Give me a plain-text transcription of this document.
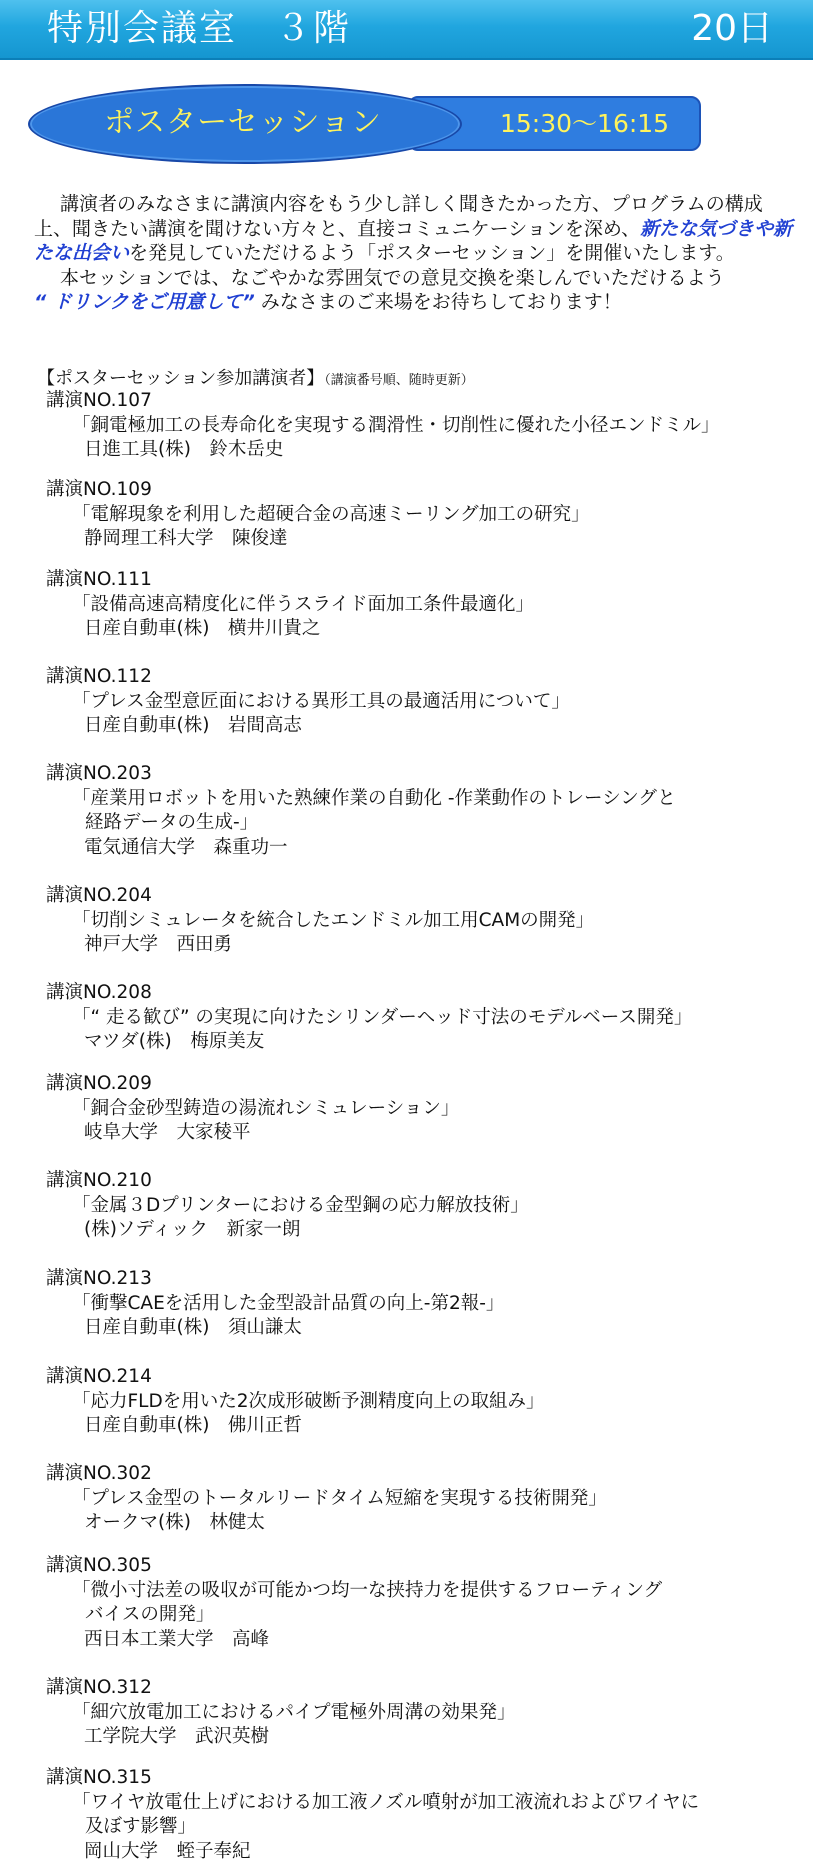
特別会議室　３階	20日
15:30～16:15
ポスターセッション

講演者のみなさまに講演内容をもう少し詳しく聞きたかった方、プログラムの構成上、聞きたい講演を聞けない方々と、直接コミュニケーションを深め、新たな気づきや新たな出会いを発見していただけるよう「ポスターセッション」を開催いたします。

本セッションでは、なごやかな雰囲気での意見交換を楽しんでいただけるよう
“ ドリンクをご用意して” みなさまのご来場をお待ちしております！

【ポスターセッション参加講演者】（講演番号順、随時更新）
講演NO.107
「銅電極加工の長寿命化を実現する潤滑性・切削性に優れた小径エンドミル」
日進工具(株)　鈴木岳史
講演NO.109
「電解現象を利用した超硬合金の高速ミーリング加工の研究」
静岡理工科大学　陳俊達
講演NO.111
「設備高速高精度化に伴うスライド面加工条件最適化」
日産自動車(株)　横井川貴之
講演NO.112
「プレス金型意匠面における異形工具の最適活用について」
日産自動車(株)　岩間高志
講演NO.203
「産業用ロボットを用いた熟練作業の自動化 -作業動作のトレーシングと
経路データの生成-」
電気通信大学　森重功一
講演NO.204
「切削シミュレータを統合したエンドミル加工用CAMの開発」
神戸大学　西田勇
講演NO.208
「“ 走る歓び” の実現に向けたシリンダーヘッド寸法のモデルベース開発」
マツダ(株)　梅原美友
講演NO.209
「銅合金砂型鋳造の湯流れシミュレーション」
岐阜大学　大家稜平
講演NO.210
「金属３Dプリンターにおける金型鋼の応力解放技術」
(株)ソディック　新家一朗
講演NO.213
「衝撃CAEを活用した金型設計品質の向上-第2報-」
日産自動車(株)　須山謙太
講演NO.214
「応力FLDを用いた2次成形破断予測精度向上の取組み」
日産自動車(株)　佛川正哲
講演NO.302
「プレス金型のトータルリードタイム短縮を実現する技術開発」
オークマ(株)　林健太
講演NO.305
「微小寸法差の吸収が可能かつ均一な挟持力を提供するフローティング
バイスの開発」
西日本工業大学　高峰
講演NO.312
「細穴放電加工におけるパイプ電極外周溝の効果発」
工学院大学　武沢英樹
講演NO.315
「ワイヤ放電仕上げにおける加工液ノズル噴射が加工液流れおよびワイヤに
及ぼす影響」
岡山大学　蛭子奉紀
